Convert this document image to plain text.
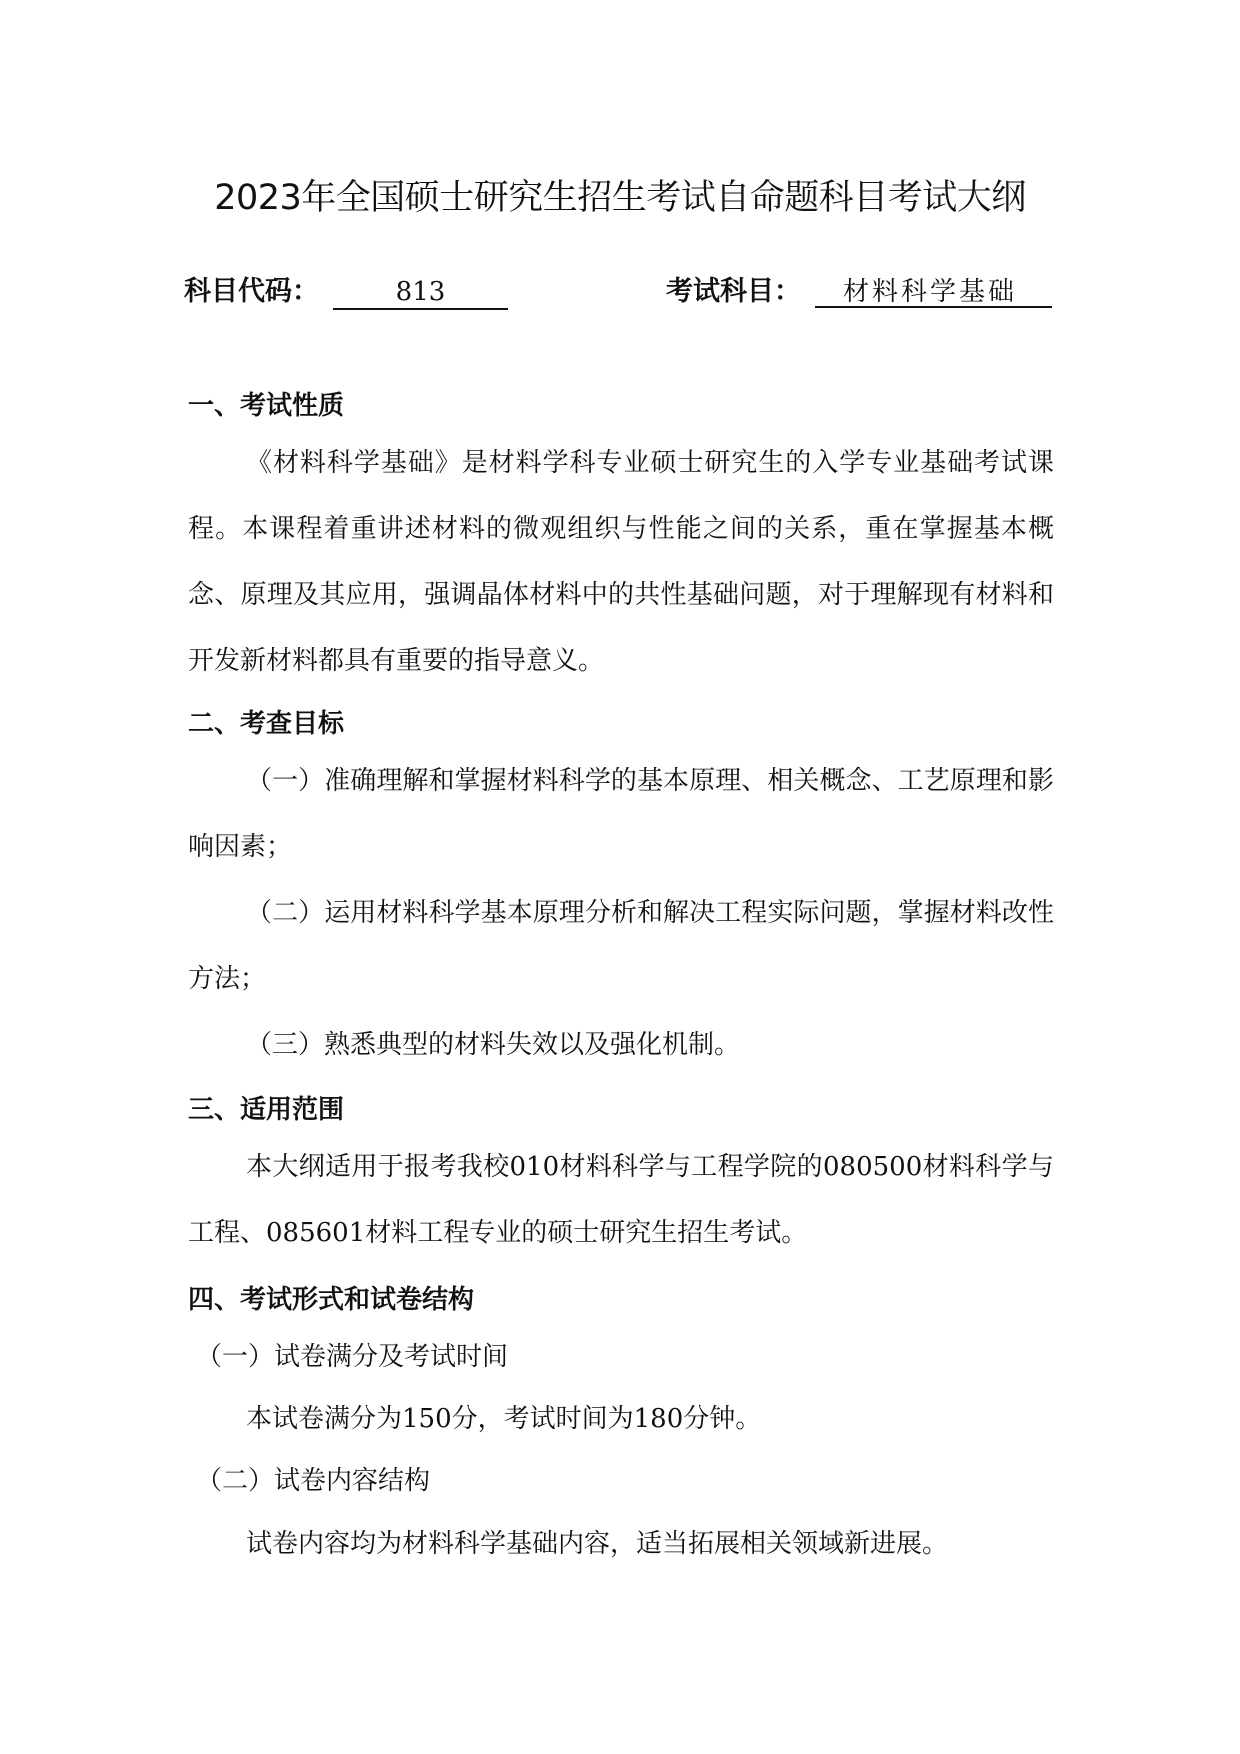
2023年全国硕士研究生招生考试自命题科目考试大纲
科目代码：	813	考试科目：	材料科学基础
一、考试性质
《材料科学基础》是材料学科专业硕士研究生的入学专业基础考试课程。本课程着重讲述材料的微观组织与性能之间的关系，重在掌握基本概念、原理及其应用，强调晶体材料中的共性基础问题，对于理解现有材料和开发新材料都具有重要的指导意义。
二、考查目标
（一）准确理解和掌握材料科学的基本原理、相关概念、工艺原理和影响因素；
（二）运用材料科学基本原理分析和解决工程实际问题，掌握材料改性方法；
（三）熟悉典型的材料失效以及强化机制。
三、适用范围
本大纲适用于报考我校010材料科学与工程学院的080500材料科学与工程、085601材料工程专业的硕士研究生招生考试。
四、考试形式和试卷结构
（一）试卷满分及考试时间
本试卷满分为150分，考试时间为180分钟。
（二）试卷内容结构
试卷内容均为材料科学基础内容，适当拓展相关领域新进展。
